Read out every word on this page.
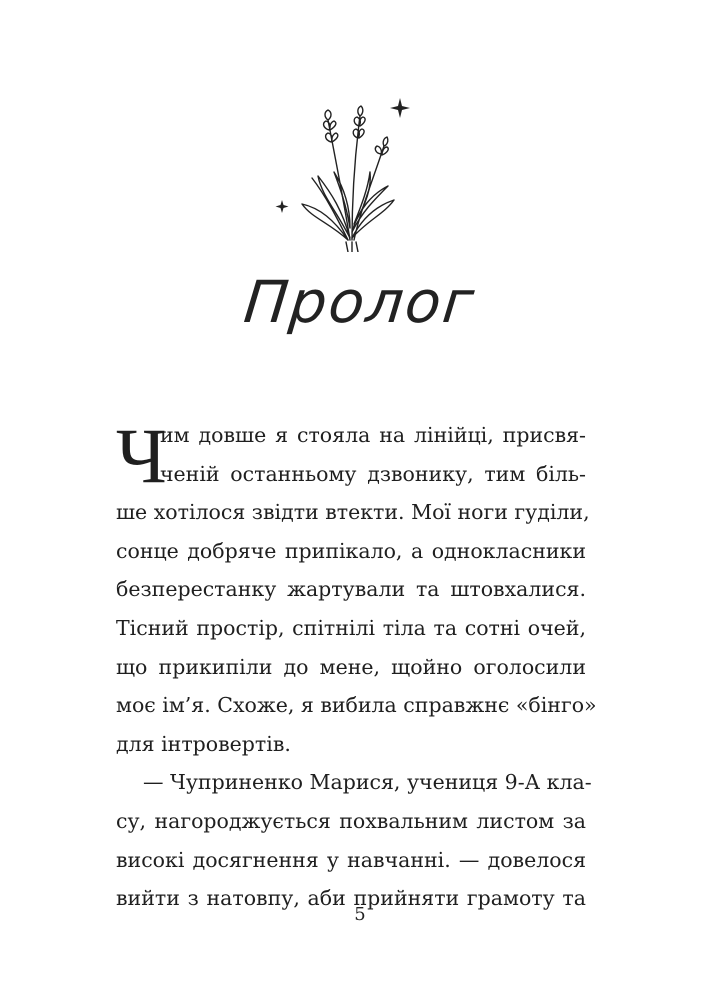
Пролог
Ч
им довше я стояла на лінійці, присвя-
ченій останньому дзвонику, тим біль-
ше хотілося звідти втекти. Мої ноги гуділи,
сонце добряче припікало, а однокласники
безперестанку жартували та штовхалися.
Тісний простір, спітнілі тіла та сотні очей,
що прикипіли до мене, щойно оголосили
моє ім’я. Схоже, я вибила справжнє «бінго»
для інтровертів.
— Чуприненко Марися, учениця 9-А кла-
су, нагороджується похвальним листом за
високі досягнення у навчанні. — довелося
вийти з натовпу, аби прийняти грамоту та
5
